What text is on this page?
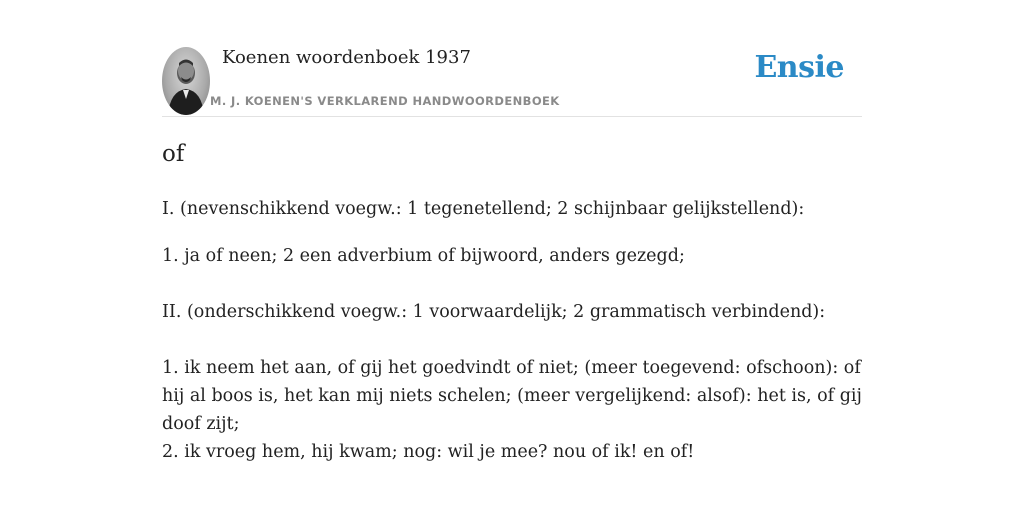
Koenen woordenboek 1937

M. J. KOENEN'S VERKLAREND HANDWOORDENBOEK

Ensie
of

I. (nevenschikkend voegw.: 1 tegenetellend; 2 schijnbaar gelijkstellend):

1. ja of neen; 2 een adverbium of bijwoord, anders gezegd;

II. (onderschikkend voegw.: 1 voorwaardelijk; 2 grammatisch verbindend):

1. ik neem het aan, of gij het goedvindt of niet; (meer toegevend: ofschoon): of hij al boos is, het kan mij niets schelen; (meer vergelijkend: alsof): het is, of gij doof zijt;

2. ik vroeg hem, hij kwam; nog: wil je mee? nou of ik! en of!
